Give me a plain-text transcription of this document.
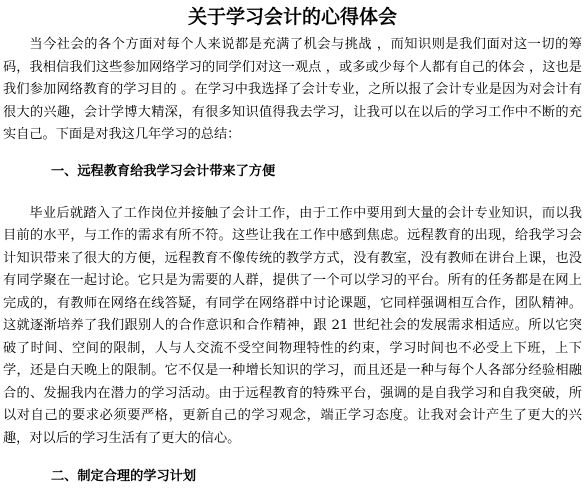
关于学习会计的心得体会

当今社会的各个方面对每个人来说都是充满了机会与挑战 ，而知识则是我们面对这一切的筹码，我相信我们这些参加网络学习的同学们对这一观点 ，或多或少每个人都有自己的体会 ，这也是我们参加网络教育的学习目的 。在学习中我选择了会计专业，之所以报了会计专业是因为对会计有很大的兴趣，会计学博大精深，有很多知识值得我去学习，让我可以在以后的学习工作中不断的充实自己。下面是对我这几年学习的总结：

一、远程教育给我学习会计带来了方便

毕业后就踏入了工作岗位并接触了会计工作，由于工作中要用到大量的会计专业知识，而以我目前的水平，与工作的需求有所不符。这些让我在工作中感到焦虑。远程教育的出现，给我学习会计知识带来了很大的方便，远程教育不像传统的教学方式，没有教室，没有教师在讲台上课，也没有同学聚在一起讨论。它只是为需要的人群，提供了一个可以学习的平台。所有的任务都是在网上完成的，有教师在网络在线答疑，有同学在网络群中讨论课题，它同样强调相互合作，团队精神。这就逐渐培养了我们跟别人的合作意识和合作精神，跟 21 世纪社会的发展需求相适应。所以它突破了时间、空间的限制，人与人交流不受空间物理特性的约束，学习时间也不必受上下班，上下学，还是白天晚上的限制。它不仅是一种增长知识的学习，而且还是一种与每个人各部分经验相融合的、发掘我内在潜力的学习活动。由于远程教育的特殊平台，强调的是自我学习和自我突破，所以对自己的要求必须要严格，更新自己的学习观念，端正学习态度。让我对会计产生了更大的兴趣，对以后的学习生活有了更大的信心。

二、制定合理的学习计划
